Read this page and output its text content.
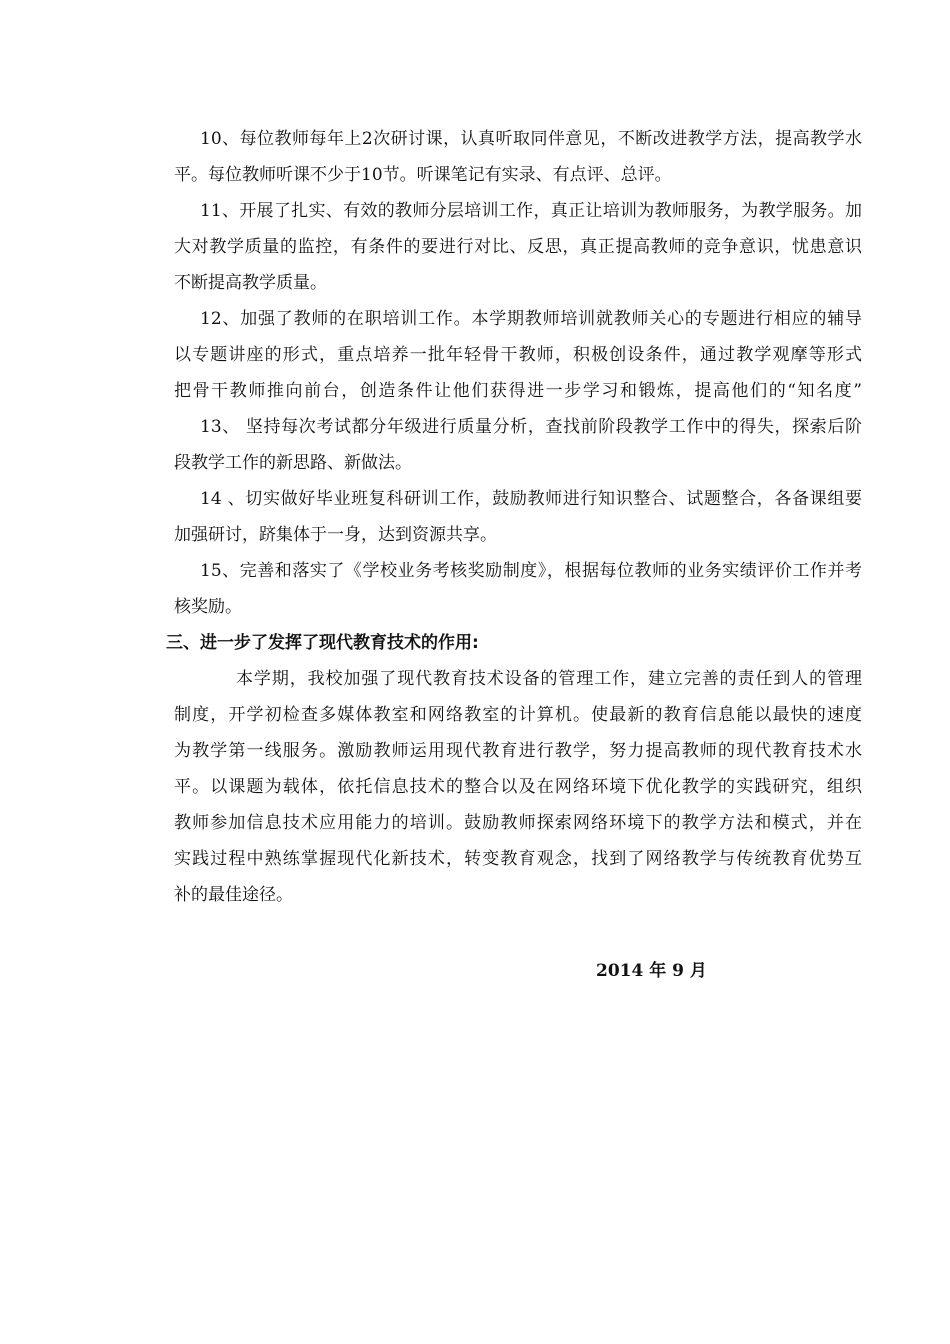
10、每位教师每年上2次研讨课，认真听取同伴意见，不断改进教学方法，提高教学水
平。每位教师听课不少于10节。听课笔记有实录、有点评、总评。
11、开展了扎实、有效的教师分层培训工作，真正让培训为教师服务，为教学服务。加
大对教学质量的监控，有条件的要进行对比、反思，真正提高教师的竞争意识，忧患意识
不断提高教学质量。
12、加强了教师的在职培训工作。本学期教师培训就教师关心的专题进行相应的辅导
以专题讲座的形式，重点培养一批年轻骨干教师，积极创设条件，通过教学观摩等形式
把骨干教师推向前台，创造条件让他们获得进一步学习和锻炼，提高他们的“知名度”
13、 坚持每次考试都分年级进行质量分析，查找前阶段教学工作中的得失，探索后阶
段教学工作的新思路、新做法。
14 、切实做好毕业班复科研训工作，鼓励教师进行知识整合、试题整合，各备课组要
加强研讨，跻集体于一身，达到资源共享。
15、完善和落实了《学校业务考核奖励制度》，根据每位教师的业务实绩评价工作并考
核奖励。
三、进一步了发挥了现代教育技术的作用:
本学期，我校加强了现代教育技术设备的管理工作，建立完善的责任到人的管理
制度，开学初检查多媒体教室和网络教室的计算机。使最新的教育信息能以最快的速度
为教学第一线服务。激励教师运用现代教育进行教学，努力提高教师的现代教育技术水
平。以课题为载体，依托信息技术的整合以及在网络环境下优化教学的实践研究，组织
教师参加信息技术应用能力的培训。鼓励教师探索网络环境下的教学方法和模式，并在
实践过程中熟练掌握现代化新技术，转变教育观念，找到了网络教学与传统教育优势互
补的最佳途径。
2014 年 9 月
